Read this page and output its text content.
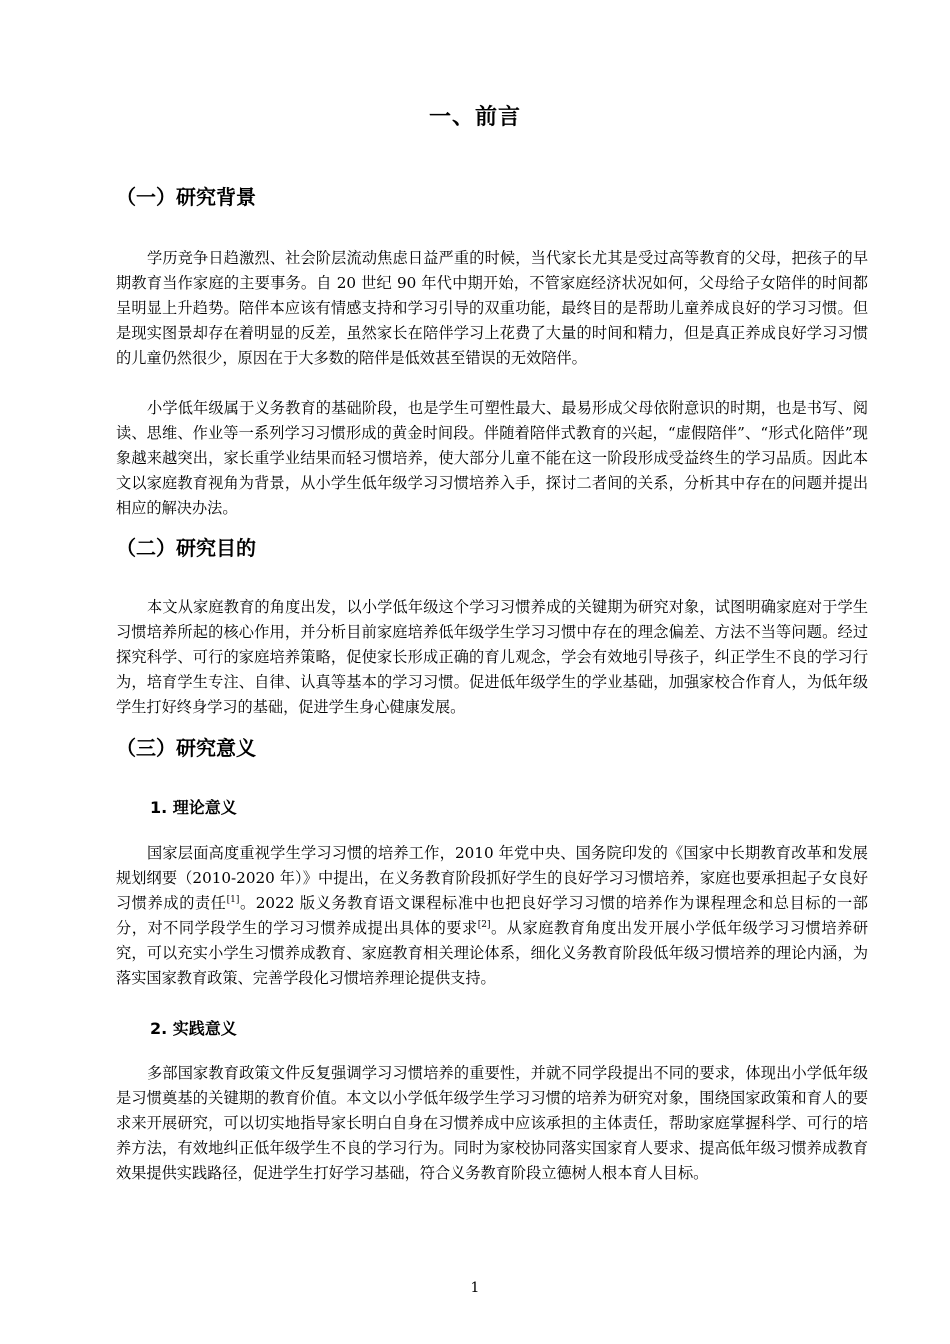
一、前言
（一）研究背景

学历竞争日趋激烈、社会阶层流动焦虑日益严重的时候，当代家长尤其是受过高等教育的父母，把孩子的早期教育当作家庭的主要事务。自 20 世纪 90 年代中期开始，不管家庭经济状况如何，父母给子女陪伴的时间都呈明显上升趋势。陪伴本应该有情感支持和学习引导的双重功能，最终目的是帮助儿童养成良好的学习习惯。但是现实图景却存在着明显的反差，虽然家长在陪伴学习上花费了大量的时间和精力，但是真正养成良好学习习惯的儿童仍然很少，原因在于大多数的陪伴是低效甚至错误的无效陪伴。

小学低年级属于义务教育的基础阶段，也是学生可塑性最大、最易形成父母依附意识的时期，也是书写、阅读、思维、作业等一系列学习习惯形成的黄金时间段。伴随着陪伴式教育的兴起，“虚假陪伴”、“形式化陪伴”现象越来越突出，家长重学业结果而轻习惯培养，使大部分儿童不能在这一阶段形成受益终生的学习品质。因此本文以家庭教育视角为背景，从小学生低年级学习习惯培养入手，探讨二者间的关系，分析其中存在的问题并提出相应的解决办法。

（二）研究目的

本文从家庭教育的角度出发，以小学低年级这个学习习惯养成的关键期为研究对象，试图明确家庭对于学生习惯培养所起的核心作用，并分析目前家庭培养低年级学生学习习惯中存在的理念偏差、方法不当等问题。经过探究科学、可行的家庭培养策略，促使家长形成正确的育儿观念，学会有效地引导孩子，纠正学生不良的学习行为，培育学生专注、自律、认真等基本的学习习惯。促进低年级学生的学业基础，加强家校合作育人，为低年级学生打好终身学习的基础，促进学生身心健康发展。

（三）研究意义
1. 理论意义

国家层面高度重视学生学习习惯的培养工作，2010 年党中央、国务院印发的《国家中长期教育改革和发展规划纲要（2010-2020 年）》中提出，在义务教育阶段抓好学生的良好学习习惯培养，家庭也要承担起子女良好习惯养成的责任[1]。2022 版义务教育语文课程标准中也把良好学习习惯的培养作为课程理念和总目标的一部分，对不同学段学生的学习习惯养成提出具体的要求[2]。从家庭教育角度出发开展小学低年级学习习惯培养研究，可以充实小学生习惯养成教育、家庭教育相关理论体系，细化义务教育阶段低年级习惯培养的理论内涵，为落实国家教育政策、完善学段化习惯培养理论提供支持。

2. 实践意义

多部国家教育政策文件反复强调学习习惯培养的重要性，并就不同学段提出不同的要求，体现出小学低年级是习惯奠基的关键期的教育价值。本文以小学低年级学生学习习惯的培养为研究对象，围绕国家政策和育人的要求来开展研究，可以切实地指导家长明白自身在习惯养成中应该承担的主体责任，帮助家庭掌握科学、可行的培养方法，有效地纠正低年级学生不良的学习行为。同时为家校协同落实国家育人要求、提高低年级习惯养成教育效果提供实践路径，促进学生打好学习基础，符合义务教育阶段立德树人根本育人目标。

1
